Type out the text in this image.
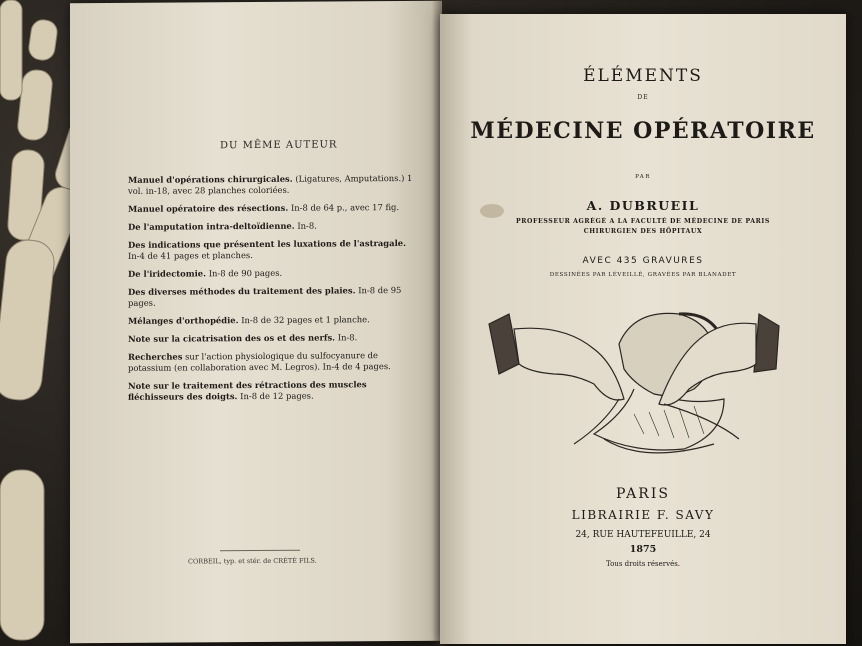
DU MÊME AUTEUR
Manuel d'opérations chirurgicales. (Ligatures, Amputations.) 1 vol. in-18, avec 28 planches coloriées.
Manuel opératoire des résections. In-8 de 64 p., avec 17 fig.
De l'amputation intra-deltoïdienne. In-8.
Des indications que présentent les luxations de l'astragale. In-4 de 41 pages et planches.
De l'iridectomie. In-8 de 90 pages.
Des diverses méthodes du traitement des plaies. In-8 de 95 pages.
Mélanges d'orthopédie. In-8 de 32 pages et 1 planche.
Note sur la cicatrisation des os et des nerfs. In-8.
Recherches sur l'action physiologique du sulfocyanure de potassium (en collaboration avec M. Legros). In-4 de 4 pages.
Note sur le traitement des rétractions des muscles fléchisseurs des doigts. In-8 de 12 pages.
CORBEIL, typ. et stér. de CRÉTÉ FILS.
ÉLÉMENTS
DE
MÉDECINE OPÉRATOIRE
PAR
A. DUBRUEIL
PROFESSEUR AGRÉGÉ A LA FACULTÉ DE MÉDECINE DE PARIS
CHIRURGIEN DES HÔPITAUX
AVEC 435 GRAVURES
DESSINÉES PAR LÉVEILLÉ, GRAVÉES PAR BLANADET
PARIS
LIBRAIRIE F. SAVY
24, RUE HAUTEFEUILLE, 24
1875
Tous droits réservés.
